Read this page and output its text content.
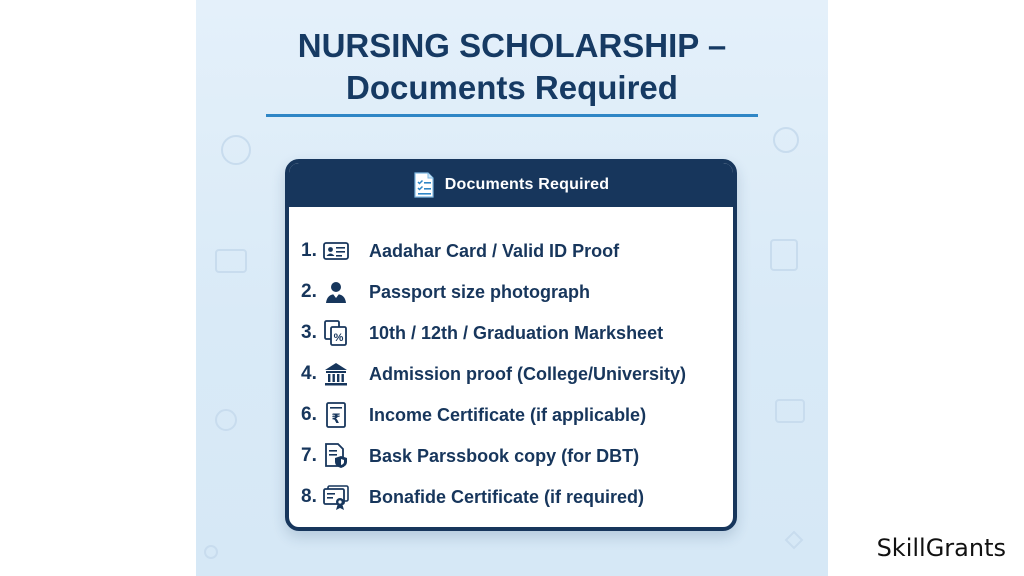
NURSING SCHOLARSHIP –
Documents Required
Documents Required
1.	Aadahar Card / Valid ID Proof
2.	Passport size photograph
3. % 10th / 12th / Graduation Marksheet
4.	Admission proof (College/University)
6. ₹ Income Certificate (if applicable)
7.	Bask Parssbook copy (for DBT)
8.	Bonafide Certificate (if required)
SkillGrants
